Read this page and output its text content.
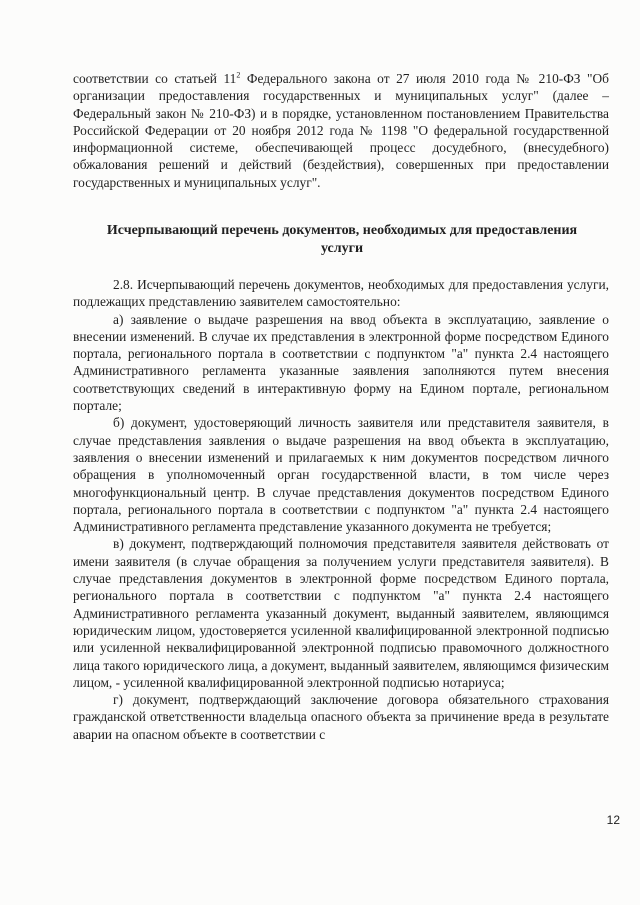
соответствии со статьей $11^2$ Федерального закона от 27 июля 2010 года № 210-ФЗ "Об организации предоставления государственных и муниципальных услуг" (далее – Федеральный закон № 210-ФЗ) и в порядке, установленном постановлением Правительства Российской Федерации от 20 ноября 2012 года № 1198 "О федеральной государственной информационной системе, обеспечивающей процесс досудебного, (внесудебного) обжалования решений и действий (бездействия), совершенных при предоставлении государственных и муниципальных услуг".

Исчерпывающий перечень документов, необходимых для предоставления услуги

2.8. Исчерпывающий перечень документов, необходимых для предоставления услуги, подлежащих представлению заявителем самостоятельно:

а) заявление о выдаче разрешения на ввод объекта в эксплуатацию, заявление о внесении изменений. В случае их представления в электронной форме посредством Единого портала, регионального портала в соответствии с подпунктом "а" пункта 2.4 настоящего Административного регламента указанные заявления заполняются путем внесения соответствующих сведений в интерактивную форму на Едином портале, региональном портале;

б) документ, удостоверяющий личность заявителя или представителя заявителя, в случае представления заявления о выдаче разрешения на ввод объекта в эксплуатацию, заявления о внесении изменений и прилагаемых к ним документов посредством личного обращения в уполномоченный орган государственной власти, в том числе через многофункциональный центр. В случае представления документов посредством Единого портала, регионального портала в соответствии с подпунктом "а" пункта 2.4 настоящего Административного регламента представление указанного документа не требуется;

в) документ, подтверждающий полномочия представителя заявителя действовать от имени заявителя (в случае обращения за получением услуги представителя заявителя). В случае представления документов в электронной форме посредством Единого портала, регионального портала в соответствии с подпунктом "а" пункта 2.4 настоящего Административного регламента указанный документ, выданный заявителем, являющимся юридическим лицом, удостоверяется усиленной квалифицированной электронной подписью или усиленной неквалифицированной электронной подписью правомочного должностного лица такого юридического лица, а документ, выданный заявителем, являющимся физическим лицом, - усиленной квалифицированной электронной подписью нотариуса;

г) документ, подтверждающий заключение договора обязательного страхования гражданской ответственности владельца опасного объекта за причинение вреда в результате аварии на опасном объекте в соответствии с

12
